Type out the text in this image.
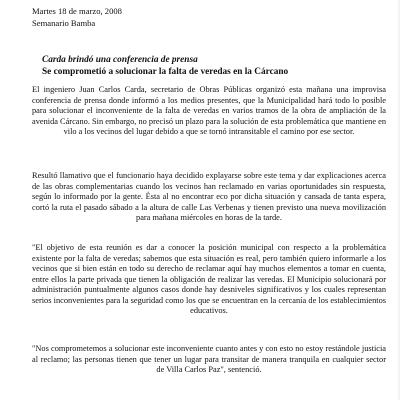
Martes 18 de marzo, 2008
Semanario Bamba
Carda brindó una conferencia de prensa
Se comprometió a solucionar la falta de veredas en la Cárcano

El ingeniero Juan Carlos Carda, secretario de Obras Públicas organizó esta mañana una improvisa conferencia de prensa donde informó a los medios presentes, que la Municipalidad hará todo lo posible para solucionar el inconveniente de la falta de veredas en varios tramos de la obra de ampliación de la avenida Cárcano. Sin embargo, no precisó un plazo para la solución de esta problemática que mantiene en vilo a los vecinos del lugar debido a que se tornó intransitable el camino por ese sector.

Resultó llamativo que el funcionario haya decidido explayarse sobre este tema y dar explicaciones acerca de las obras complementarias cuando los vecinos han reclamado en varias oportunidades sin respuesta, según lo informado por la gente. Ésta al no encontrar eco por dicha situación y cansada de tanta espera, cortó la ruta el pasado sábado a la altura de calle Las Verbenas y tienen previsto una nueva movilización para mañana miércoles en horas de la tarde.

"El objetivo de esta reunión es dar a conocer la posición municipal con respecto a la problemática existente por la falta de veredas; sabemos que esta situación es real, pero también quiero informarle a los vecinos que si bien están en todo su derecho de reclamar aquí hay muchos elementos a tomar en cuenta, entre ellos la parte privada que tienen la obligación de realizar las veredas. El Municipio solucionará por administración puntualmente algunos casos donde hay desniveles significativos y los cuales representan serios inconvenientes para la seguridad como los que se encuentran en la cercanía de los establecimientos educativos.

"Nos comprometemos a solucionar este inconveniente cuanto antes y con esto no estoy restándole justicia al reclamo; las personas tienen que tener un lugar para transitar de manera tranquila en cualquier sector de Villa Carlos Paz", sentenció.
